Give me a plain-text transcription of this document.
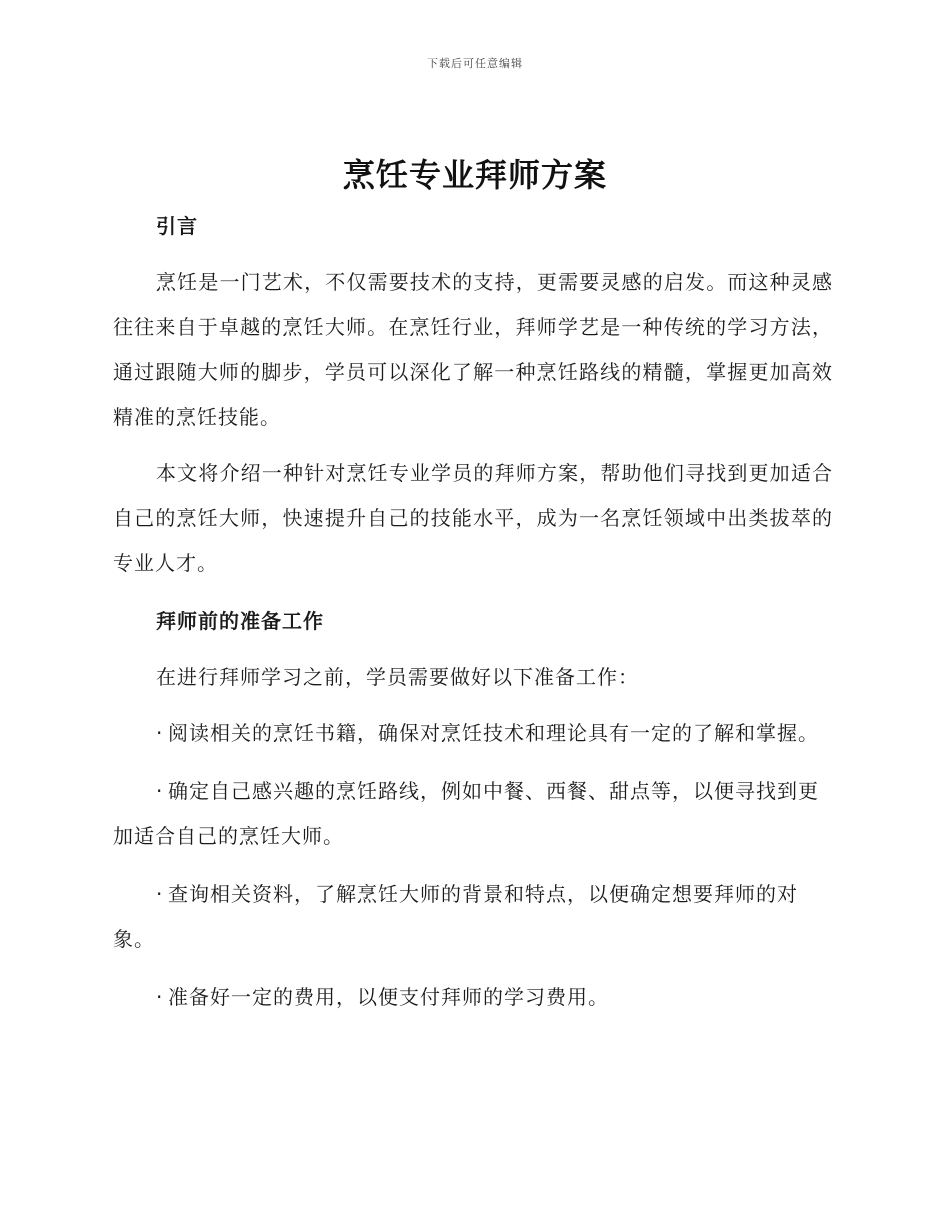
下载后可任意编辑
烹饪专业拜师方案

引言

烹饪是一门艺术，不仅需要技术的支持，更需要灵感的启发。而这种灵感往往来自于卓越的烹饪大师。在烹饪行业，拜师学艺是一种传统的学习方法，通过跟随大师的脚步，学员可以深化了解一种烹饪路线的精髓，掌握更加高效精准的烹饪技能。

本文将介绍一种针对烹饪专业学员的拜师方案，帮助他们寻找到更加适合自己的烹饪大师，快速提升自己的技能水平，成为一名烹饪领域中出类拔萃的专业人才。

拜师前的准备工作

在进行拜师学习之前，学员需要做好以下准备工作：

· 阅读相关的烹饪书籍，确保对烹饪技术和理论具有一定的了解和掌握。

· 确定自己感兴趣的烹饪路线，例如中餐、西餐、甜点等，以便寻找到更加适合自己的烹饪大师。

· 查询相关资料，了解烹饪大师的背景和特点，以便确定想要拜师的对象。

· 准备好一定的费用，以便支付拜师的学习费用。
